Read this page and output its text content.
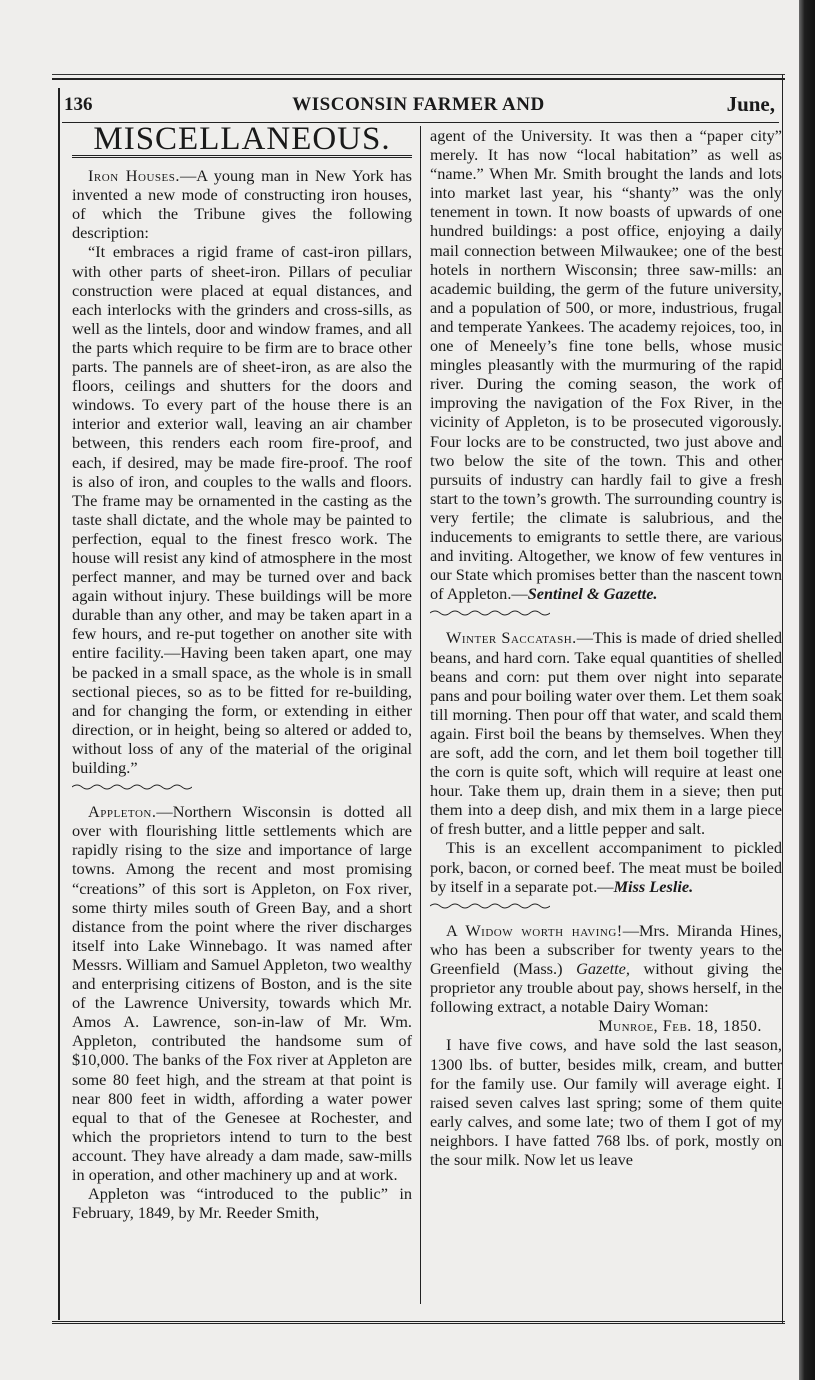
136	WISCONSIN FARMER AND	June,
MISCELLANEOUS.

Iron Houses.—A young man in New York has invented a new mode of constructing iron houses, of which the Tribune gives the following description:

“It embraces a rigid frame of cast-iron pillars, with other parts of sheet-iron. Pillars of peculiar construction were placed at equal distances, and each interlocks with the grinders and cross-sills, as well as the lintels, door and window frames, and all the parts which require to be firm are to brace other parts. The pannels are of sheet-iron, as are also the floors, ceilings and shutters for the doors and windows. To every part of the house there is an interior and exterior wall, leaving an air chamber between, this renders each room fire-proof, and each, if desired, may be made fire-proof. The roof is also of iron, and couples to the walls and floors. The frame may be ornamented in the casting as the taste shall dictate, and the whole may be painted to perfection, equal to the finest fresco work. The house will resist any kind of atmosphere in the most perfect manner, and may be turned over and back again without injury. These buildings will be more durable than any other, and may be taken apart in a few hours, and re-put together on another site with entire facility.—Having been taken apart, one may be packed in a small space, as the whole is in small sectional pieces, so as to be fitted for re-building, and for changing the form, or extending in either direction, or in height, being so altered or added to, without loss of any of the material of the original building.”

Appleton.—Northern Wisconsin is dotted all over with flourishing little settlements which are rapidly rising to the size and importance of large towns. Among the recent and most promising “creations” of this sort is Appleton, on Fox river, some thirty miles south of Green Bay, and a short distance from the point where the river discharges itself into Lake Winnebago. It was named after Messrs. William and Samuel Appleton, two wealthy and enterprising citizens of Boston, and is the site of the Lawrence University, towards which Mr. Amos A. Lawrence, son-in-law of Mr. Wm. Appleton, contributed the handsome sum of $10,000. The banks of the Fox river at Appleton are some 80 feet high, and the stream at that point is near 800 feet in width, affording a water power equal to that of the Genesee at Rochester, and which the proprietors intend to turn to the best account. They have already a dam made, saw-mills in operation, and other machinery up and at work.

Appleton was “introduced to the public” in February, 1849, by Mr. Reeder Smith,

agent of the University. It was then a “paper city” merely. It has now “local habitation” as well as “name.” When Mr. Smith brought the lands and lots into market last year, his “shanty” was the only tenement in town. It now boasts of upwards of one hundred buildings: a post office, enjoying a daily mail connection between Milwaukee; one of the best hotels in northern Wisconsin; three saw-mills: an academic building, the germ of the future university, and a population of 500, or more, industrious, frugal and temperate Yankees. The academy rejoices, too, in one of Meneely’s fine tone bells, whose music mingles pleasantly with the murmuring of the rapid river. During the coming season, the work of improving the navigation of the Fox River, in the vicinity of Appleton, is to be prosecuted vigorously. Four locks are to be constructed, two just above and two below the site of the town. This and other pursuits of industry can hardly fail to give a fresh start to the town’s growth. The surrounding country is very fertile; the climate is salubrious, and the inducements to emigrants to settle there, are various and inviting. Altogether, we know of few ventures in our State which promises better than the nascent town of Appleton.—Sentinel & Gazette.

Winter Saccatash.—This is made of dried shelled beans, and hard corn. Take equal quantities of shelled beans and corn: put them over night into separate pans and pour boiling water over them. Let them soak till morning. Then pour off that water, and scald them again. First boil the beans by themselves. When they are soft, add the corn, and let them boil together till the corn is quite soft, which will require at least one hour. Take them up, drain them in a sieve; then put them into a deep dish, and mix them in a large piece of fresh butter, and a little pepper and salt.

This is an excellent accompaniment to pickled pork, bacon, or corned beef. The meat must be boiled by itself in a separate pot.—Miss Leslie.

A Widow worth having!—Mrs. Miranda Hines, who has been a subscriber for twenty years to the Greenfield (Mass.) Gazette, without giving the proprietor any trouble about pay, shows herself, in the following extract, a notable Dairy Woman:

Munroe, Feb. 18, 1850.

I have five cows, and have sold the last season, 1300 lbs. of butter, besides milk, cream, and butter for the family use. Our family will average eight. I raised seven calves last spring; some of them quite early calves, and some late; two of them I got of my neighbors. I have fatted 768 lbs. of pork, mostly on the sour milk. Now let us leave
